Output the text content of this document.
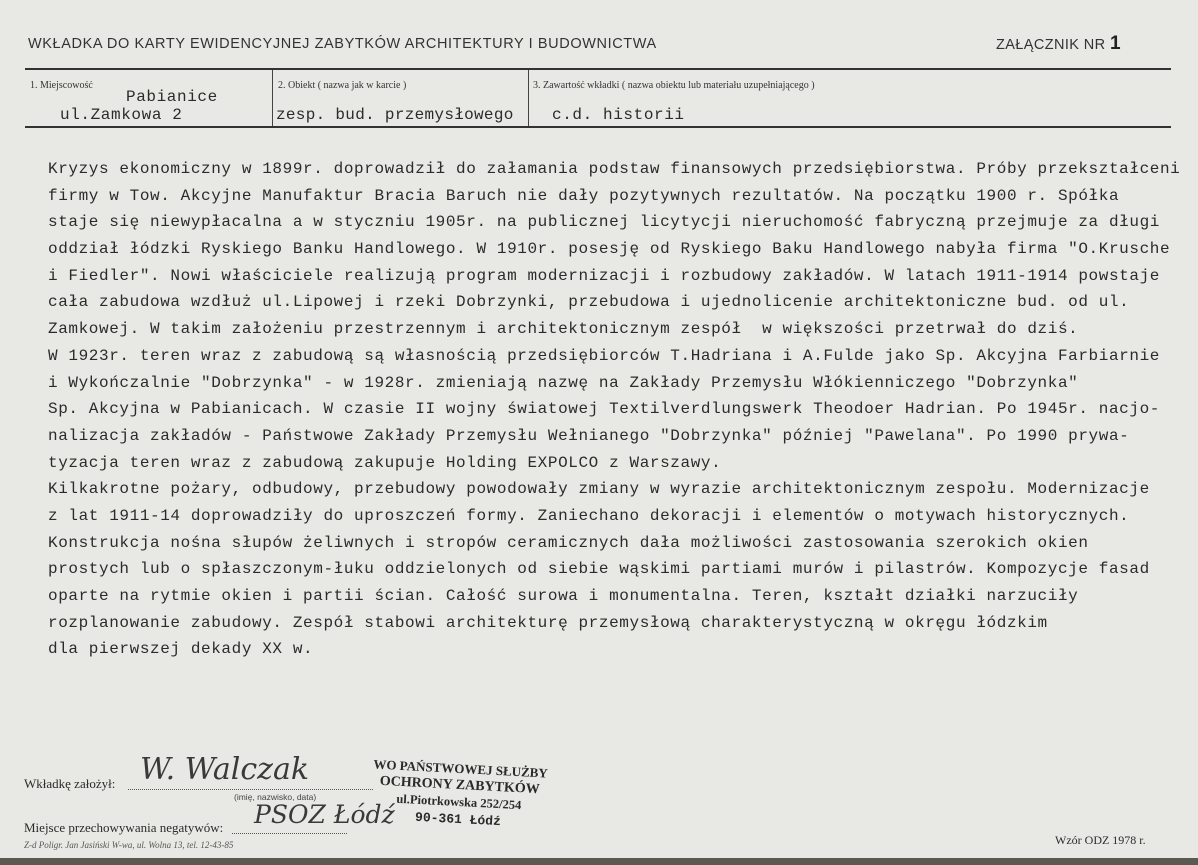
WKŁADKA DO KARTY EWIDENCYJNEJ ZABYTKÓW ARCHITEKTURY I BUDOWNICTWA	ZAŁĄCZNIK NR 1
1. Miejscowość
Pabianice
ul.Zamkowa 2
2. Obiekt ( nazwa jak w karcie )
zesp. bud. przemysłowego
3. Zawartość wkładki ( nazwa obiektu lub materiału uzupełniającego )
c.d. historii
Kryzys ekonomiczny w 1899r. doprowadził do załamania podstaw finansowych przedsiębiorstwa. Próby przekształceni
firmy w Tow. Akcyjne Manufaktur Bracia Baruch nie dały pozytywnych rezultatów. Na początku 1900 r. Spółka
staje się niewypłacalna a w styczniu 1905r. na publicznej licytycji nieruchomość fabryczną przejmuje za długi
oddział łódzki Ryskiego Banku Handlowego. W 1910r. posesję od Ryskiego Baku Handlowego nabyła firma "O.Krusche
i Fiedler". Nowi właściciele realizują program modernizacji i rozbudowy zakładów. W latach 1911-1914 powstaje
cała zabudowa wzdłuż ul.Lipowej i rzeki Dobrzynki, przebudowa i ujednolicenie architektoniczne bud. od ul.
Zamkowej. W takim założeniu przestrzennym i architektonicznym zespół  w większości przetrwał do dziś.
W 1923r. teren wraz z zabudową są własnością przedsiębiorców T.Hadriana i A.Fulde jako Sp. Akcyjna Farbiarnie
i Wykończalnie "Dobrzynka" - w 1928r. zmieniają nazwę na Zakłady Przemysłu Włókienniczego "Dobrzynka"
Sp. Akcyjna w Pabianicach. W czasie II wojny światowej Textilverdlungswerk Theodoer Hadrian. Po 1945r. nacjo-
nalizacja zakładów - Państwowe Zakłady Przemysłu Wełnianego "Dobrzynka" później "Pawelana". Po 1990 prywa-
tyzacja teren wraz z zabudową zakupuje Holding EXPOLCO z Warszawy.
Kilkakrotne pożary, odbudowy, przebudowy powodowały zmiany w wyrazie architektonicznym zespołu. Modernizacje
z lat 1911-14 doprowadziły do uproszczeń formy. Zaniechano dekoracji i elementów o motywach historycznych.
Konstrukcja nośna słupów żeliwnych i stropów ceramicznych dała możliwości zastosowania szerokich okien
prostych lub o spłaszczonym-łuku oddzielonych od siebie wąskimi partiami murów i pilastrów. Kompozycje fasad
oparte na rytmie okien i partii ścian. Całość surowa i monumentalna. Teren, kształt działki narzuciły
rozplanowanie zabudowy. Zespół stabowi architekturę przemysłową charakterystyczną w okręgu łódzkim
dla pierwszej dekady XX w.
Wkładkę założył: W. Walczak
(imię, nazwisko, data)
Miejsce przechowywania negatywów: PSOZ Łódź
WO PAŃSTWOWEJ SŁUŻBY
OCHRONY ZABYTKÓW
ul.Piotrkowska 252/254
90-361 Łódź
Z-d Poligr. Jan Jasiński W-wa, ul. Wolna 13, tel. 12-43-85	Wzór ODZ 1978 r.
